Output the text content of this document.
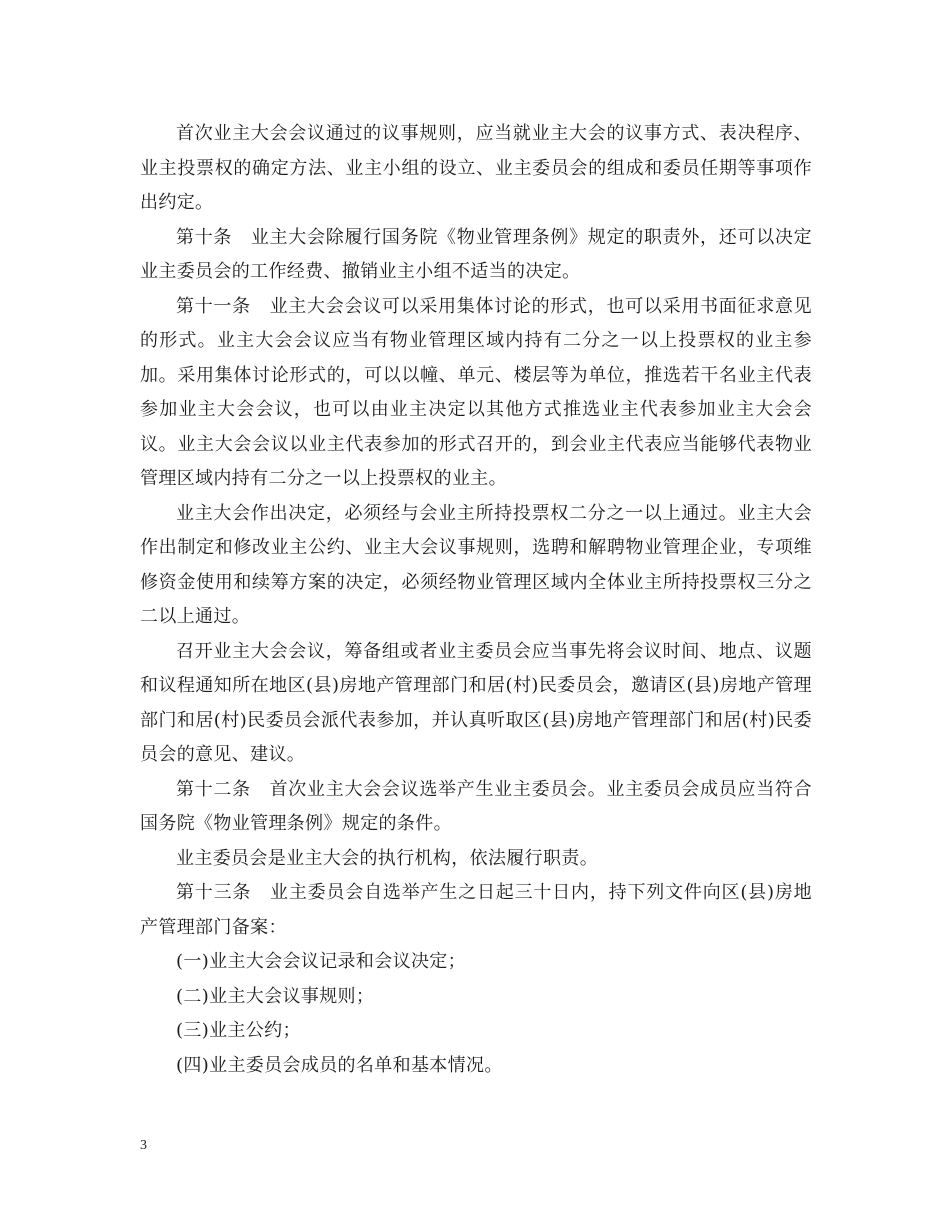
首次业主大会会议通过的议事规则，应当就业主大会的议事方式、表决程序、业主投票权的确定方法、业主小组的设立、业主委员会的组成和委员任期等事项作出约定。

第十条　业主大会除履行国务院《物业管理条例》规定的职责外，还可以决定业主委员会的工作经费、撤销业主小组不适当的决定。

第十一条　业主大会会议可以采用集体讨论的形式，也可以采用书面征求意见的形式。业主大会会议应当有物业管理区域内持有二分之一以上投票权的业主参加。采用集体讨论形式的，可以以幢、单元、楼层等为单位，推选若干名业主代表参加业主大会会议，也可以由业主决定以其他方式推选业主代表参加业主大会会议。业主大会会议以业主代表参加的形式召开的，到会业主代表应当能够代表物业管理区域内持有二分之一以上投票权的业主。

业主大会作出决定，必须经与会业主所持投票权二分之一以上通过。业主大会作出制定和修改业主公约、业主大会议事规则，选聘和解聘物业管理企业，专项维修资金使用和续筹方案的决定，必须经物业管理区域内全体业主所持投票权三分之二以上通过。

召开业主大会会议，筹备组或者业主委员会应当事先将会议时间、地点、议题和议程通知所在地区(县)房地产管理部门和居(村)民委员会，邀请区(县)房地产管理部门和居(村)民委员会派代表参加，并认真听取区(县)房地产管理部门和居(村)民委员会的意见、建议。

第十二条　首次业主大会会议选举产生业主委员会。业主委员会成员应当符合国务院《物业管理条例》规定的条件。

业主委员会是业主大会的执行机构，依法履行职责。

第十三条　业主委员会自选举产生之日起三十日内，持下列文件向区(县)房地产管理部门备案：

(一)业主大会会议记录和会议决定；

(二)业主大会议事规则；

(三)业主公约；

(四)业主委员会成员的名单和基本情况。

3
